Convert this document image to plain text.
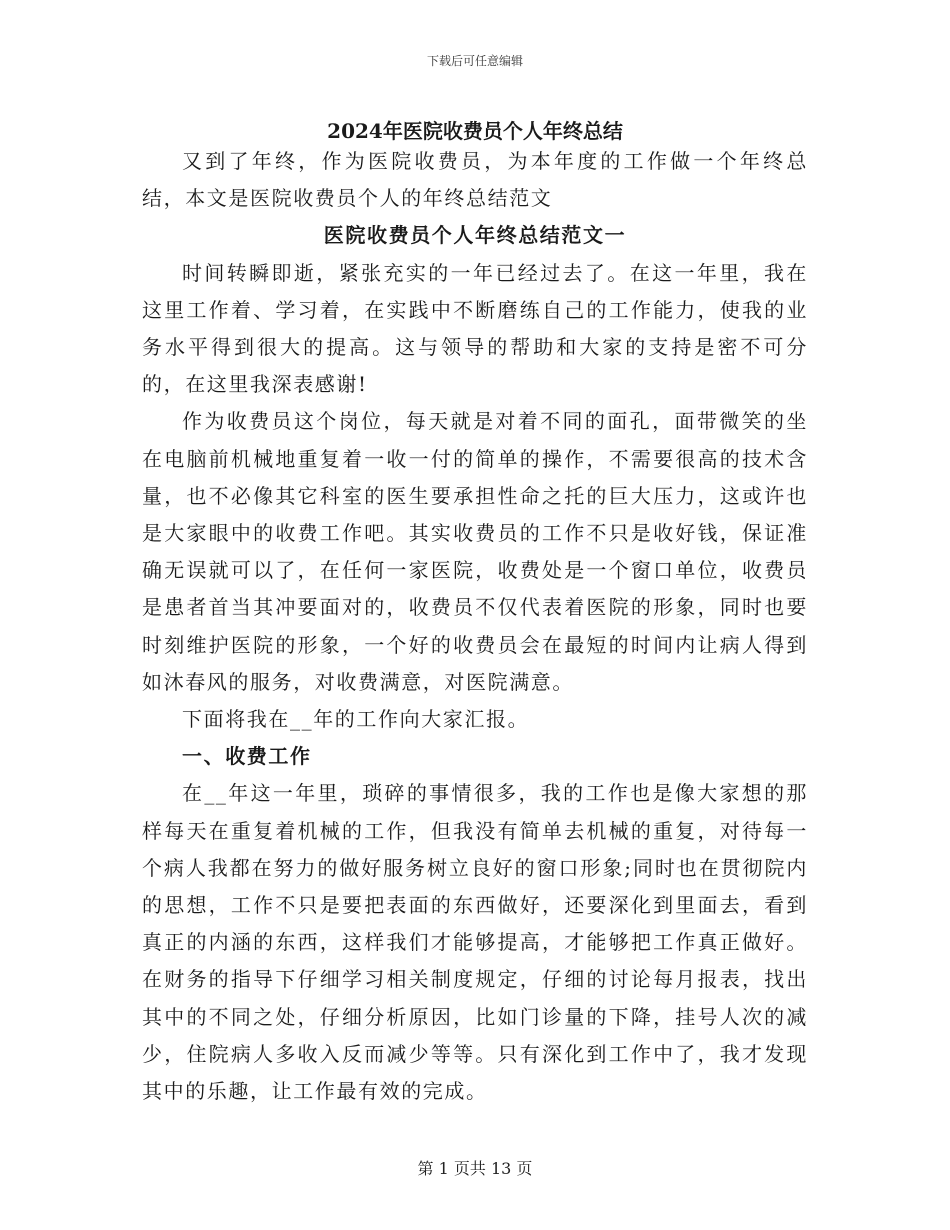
下载后可任意编辑
2024年医院收费员个人年终总结

又到了年终，作为医院收费员，为本年度的工作做一个年终总结，本文是医院收费员个人的年终总结范文

医院收费员个人年终总结范文一

时间转瞬即逝，紧张充实的一年已经过去了。在这一年里，我在这里工作着、学习着，在实践中不断磨练自己的工作能力，使我的业务水平得到很大的提高。这与领导的帮助和大家的支持是密不可分的，在这里我深表感谢!

作为收费员这个岗位，每天就是对着不同的面孔，面带微笑的坐在电脑前机械地重复着一收一付的简单的操作，不需要很高的技术含量，也不必像其它科室的医生要承担性命之托的巨大压力，这或许也是大家眼中的收费工作吧。其实收费员的工作不只是收好钱，保证准确无误就可以了，在任何一家医院，收费处是一个窗口单位，收费员是患者首当其冲要面对的，收费员不仅代表着医院的形象，同时也要时刻维护医院的形象，一个好的收费员会在最短的时间内让病人得到如沐春风的服务，对收费满意，对医院满意。

下面将我在__年的工作向大家汇报。

一、收费工作

在__年这一年里，琐碎的事情很多，我的工作也是像大家想的那样每天在重复着机械的工作，但我没有简单去机械的重复，对待每一个病人我都在努力的做好服务树立良好的窗口形象;同时也在贯彻院内的思想，工作不只是要把表面的东西做好，还要深化到里面去，看到真正的内涵的东西，这样我们才能够提高，才能够把工作真正做好。在财务的指导下仔细学习相关制度规定，仔细的讨论每月报表，找出其中的不同之处，仔细分析原因，比如门诊量的下降，挂号人次的减少，住院病人多收入反而减少等等。只有深化到工作中了，我才发现其中的乐趣，让工作最有效的完成。

第 1 页共 13 页
